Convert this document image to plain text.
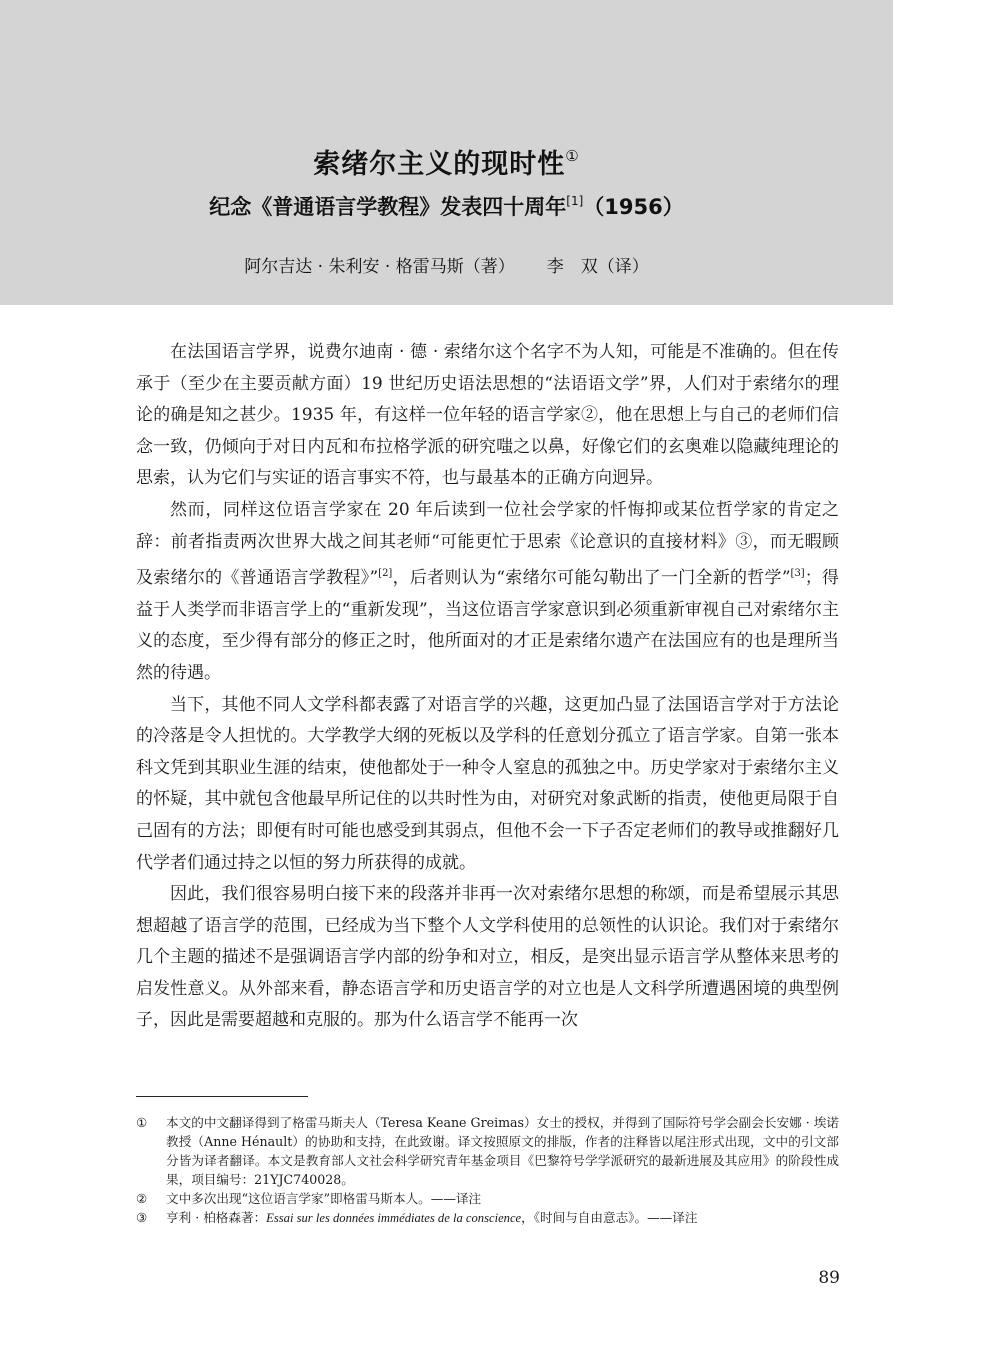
索绪尔主义的现时性①
纪念《普通语言学教程》发表四十周年[1]（1956）
阿尔吉达 · 朱利安 · 格雷马斯（著） 李　双（译）

在法国语言学界，说费尔迪南 · 德 · 索绪尔这个名字不为人知，可能是不准确的。但在传承于（至少在主要贡献方面）19 世纪历史语法思想的“法语语文学”界，人们对于索绪尔的理论的确是知之甚少。1935 年，有这样一位年轻的语言学家②，他在思想上与自己的老师们信念一致，仍倾向于对日内瓦和布拉格学派的研究嗤之以鼻，好像它们的玄奥难以隐藏纯理论的思索，认为它们与实证的语言事实不符，也与最基本的正确方向迥异。

然而，同样这位语言学家在 20 年后读到一位社会学家的忏悔抑或某位哲学家的肯定之辞：前者指责两次世界大战之间其老师“可能更忙于思索《论意识的直接材料》③，而无暇顾及索绪尔的《普通语言学教程》”[2]，后者则认为“索绪尔可能勾勒出了一门全新的哲学”[3]；得益于人类学而非语言学上的“重新发现”，当这位语言学家意识到必须重新审视自己对索绪尔主义的态度，至少得有部分的修正之时，他所面对的才正是索绪尔遗产在法国应有的也是理所当然的待遇。

当下，其他不同人文学科都表露了对语言学的兴趣，这更加凸显了法国语言学对于方法论的冷落是令人担忧的。大学教学大纲的死板以及学科的任意划分孤立了语言学家。自第一张本科文凭到其职业生涯的结束，使他都处于一种令人窒息的孤独之中。历史学家对于索绪尔主义的怀疑，其中就包含他最早所记住的以共时性为由，对研究对象武断的指责，使他更局限于自己固有的方法；即便有时可能也感受到其弱点，但他不会一下子否定老师们的教导或推翻好几代学者们通过持之以恒的努力所获得的成就。

因此，我们很容易明白接下来的段落并非再一次对索绪尔思想的称颂，而是希望展示其思想超越了语言学的范围，已经成为当下整个人文学科使用的总领性的认识论。我们对于索绪尔几个主题的描述不是强调语言学内部的纷争和对立，相反，是突出显示语言学从整体来思考的启发性意义。从外部来看，静态语言学和历史语言学的对立也是人文科学所遭遇困境的典型例子，因此是需要超越和克服的。那为什么语言学不能再一次

① 本文的中文翻译得到了格雷马斯夫人（Teresa Keane Greimas）女士的授权，并得到了国际符号学会副会长安娜 · 埃诺教授（Anne Hénault）的协助和支持，在此致谢。译文按照原文的排版，作者的注释皆以尾注形式出现，文中的引文部分皆为译者翻译。本文是教育部人文社会科学研究青年基金项目《巴黎符号学学派研究的最新进展及其应用》的阶段性成果，项目编号：21YJC740028。
② 文中多次出现“这位语言学家”即格雷马斯本人。——译注
③ 亨利 · 柏格森著：Essai sur les données immédiates de la conscience，《时间与自由意志》。——译注
89
